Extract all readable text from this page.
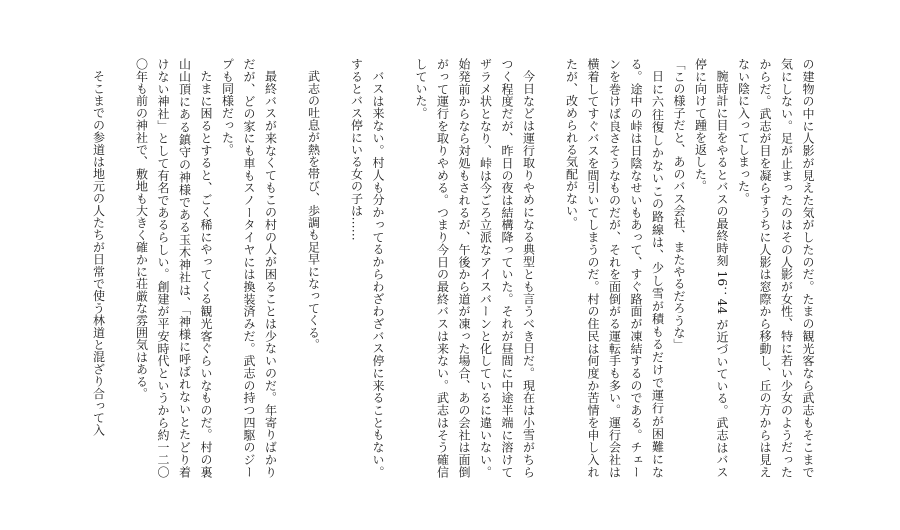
の建物の中に人影が見えた気がしたのだ。たまの観光客なら武志もそこまで気にしない。足が止まったのはその人影が女性、特に若い少女のようだったからだ。武志が目を凝らすうちに人影は窓際から移動し、丘の方からは見えない陰に入ってしまった。

腕時計に目をやるとバスの最終時刻 16：44 が近づいている。武志はバス停に向けて踵を返した。

「この様子だと、あのバス会社、またやるだろうな」

日に六往復しかないこの路線は、少し雪が積もるだけで運行が困難になる。途中の峠は日陰なせいもあって、すぐ路面が凍結するのである。チェーンを巻けば良さそうなものだが、それを面倒がる運転手も多い。運行会社は横着してすぐバスを間引いてしまうのだ。村の住民は何度か苦情を申し入れたが、改められる気配がない。

今日などは運行取りやめになる典型とも言うべき日だ。現在は小雪がちらつく程度だが、昨日の夜は結構降っていた。それが昼間に中途半端に溶けてザラメ状となり、峠は今ごろ立派なアイスバーンと化しているに違いない。始発前からなら対処もされるが、午後から道が凍った場合、あの会社は面倒がって運行を取りやめる。つまり今日の最終バスは来ない。武志はそう確信していた。

バスは来ない。村人も分かってるからわざわざバス停に来ることもない。するとバス停にいる女の子は……

武志の吐息が熱を帯び、歩調も足早になってくる。

最終バスが来なくてもこの村の人が困ることは少ないのだ。年寄りばかりだが、どの家にも車もスノータイヤには換装済みだ。武志の持つ四駆のジープも同様だった。

たまに困るとすると、ごく稀にやってくる観光客ぐらいなものだ。村の裏山山頂にある鎮守の神様である玉木神社は、「神様に呼ばれないとたどり着けない神社」として有名であるらしい。創建が平安時代というから約一二〇〇年も前の神社で、敷地も大きく確かに荘厳な雰囲気はある。

そこまでの参道は地元の人たちが日常で使う林道と混ざり合って入
